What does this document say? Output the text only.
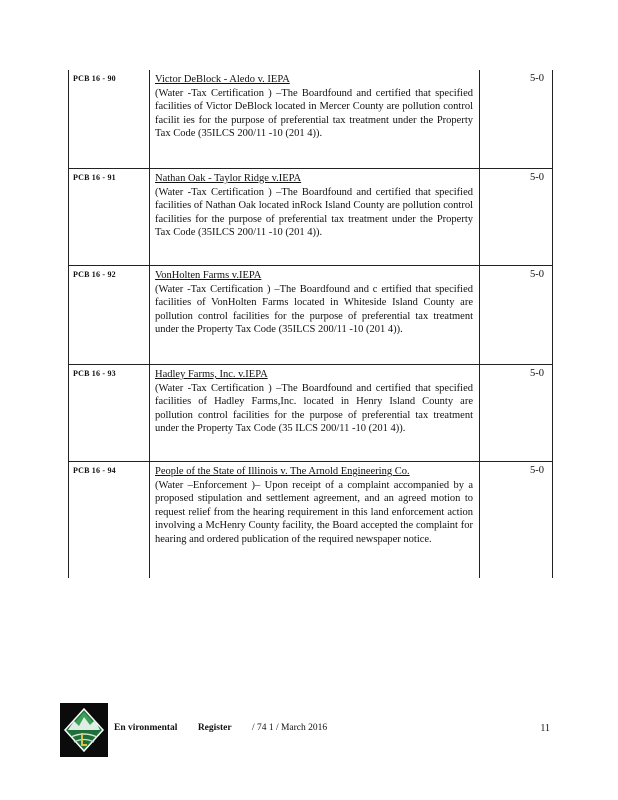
PCB 16 - 90	Victor DeBlock - Aledo v. IEPA
(Water -Tax Certification ) –The Boardfound and certified that specified facilities of Victor DeBlock located in Mercer County are pollution control facilit ies for the purpose of preferential tax treatment under the Property Tax Code (35ILCS 200/11 -10 (201 4)).
5-0
PCB 16 - 91	Nathan Oak - Taylor Ridge v.IEPA
(Water -Tax Certification ) –The Boardfound and certified that specified facilities of Nathan Oak located inRock Island County are pollution control facilities for the purpose of preferential tax treatment under the Property Tax Code (35ILCS 200/11 -10 (201 4)).
5-0
PCB 16 - 92	VonHolten Farms v.IEPA
(Water -Tax Certification ) –The Boardfound and c ertified that specified facilities of VonHolten Farms located in Whiteside Island County are pollution control facilities for the purpose of preferential tax treatment under the Property Tax Code (35ILCS 200/11 -10 (201 4)).
5-0
PCB 16 - 93	Hadley Farms, Inc. v.IEPA
(Water -Tax Certification ) –The Boardfound and certified that specified facilities of Hadley Farms,Inc. located in Henry Island County are pollution control facilities for the purpose of preferential tax treatment under the Property Tax Code (35 ILCS 200/11 -10 (201 4)).
5-0
PCB 16 - 94	People of the State of Illinois v. The Arnold Engineering Co.
(Water –Enforcement )– Upon receipt of a complaint accompanied by a proposed stipulation and settlement agreement, and an agreed motion to request relief from the hearing requirement in this land enforcement action involving a McHenry County facility, the Board accepted the complaint for hearing and ordered publication of the required newspaper notice.
5-0
En vironmental Register / 74 1 / March 2016	11
